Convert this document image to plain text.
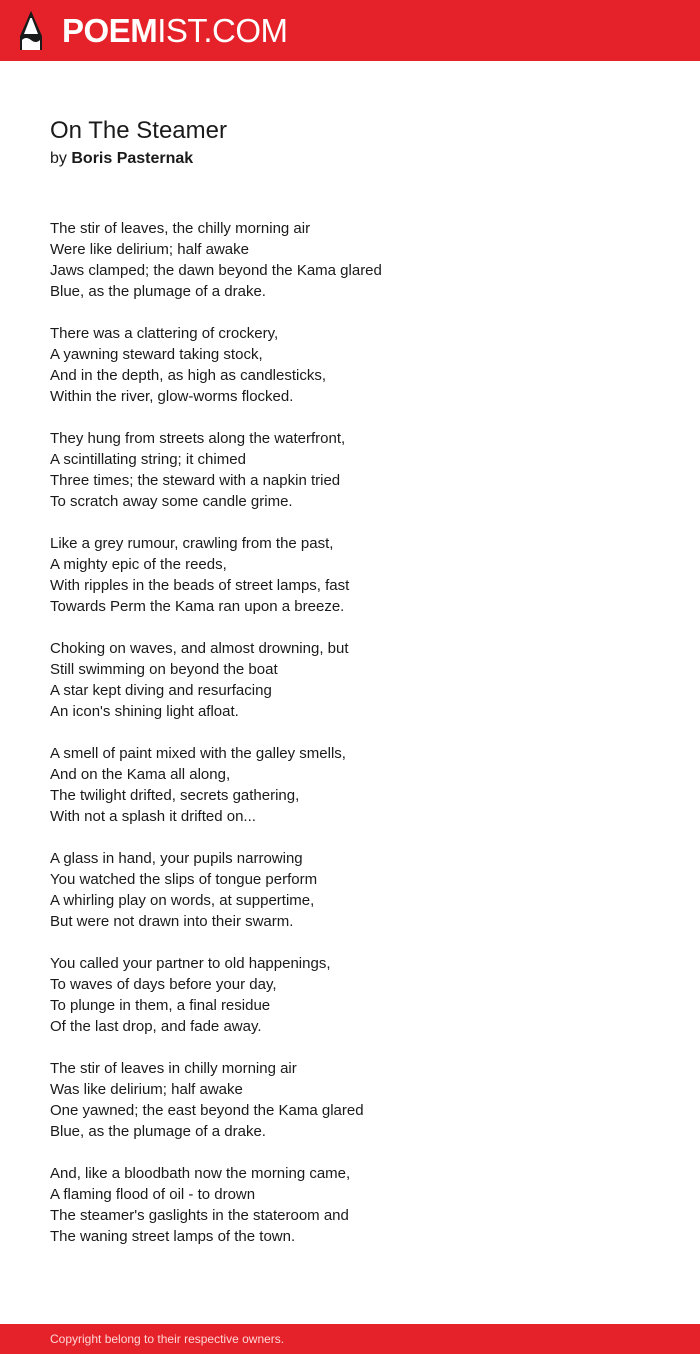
POEMIST.COM
On The Steamer
by Boris Pasternak
The stir of leaves, the chilly morning air
Were like delirium; half awake
Jaws clamped; the dawn beyond the Kama glared
Blue, as the plumage of a drake.
There was a clattering of crockery,
A yawning steward taking stock,
And in the depth, as high as candlesticks,
Within the river, glow-worms flocked.
They hung from streets along the waterfront,
A scintillating string; it chimed
Three times; the steward with a napkin tried
To scratch away some candle grime.
Like a grey rumour, crawling from the past,
A mighty epic of the reeds,
With ripples in the beads of street lamps, fast
Towards Perm the Kama ran upon a breeze.
Choking on waves, and almost drowning, but
Still swimming on beyond the boat
A star kept diving and resurfacing
An icon's shining light afloat.
A smell of paint mixed with the galley smells,
And on the Kama all along,
The twilight drifted, secrets gathering,
With not a splash it drifted on...
A glass in hand, your pupils narrowing
You watched the slips of tongue perform
A whirling play on words, at suppertime,
But were not drawn into their swarm.
You called your partner to old happenings,
To waves of days before your day,
To plunge in them, a final residue
Of the last drop, and fade away.
The stir of leaves in chilly morning air
Was like delirium; half awake
One yawned; the east beyond the Kama glared
Blue, as the plumage of a drake.
And, like a bloodbath now the morning came,
A flaming flood of oil - to drown
The steamer's gaslights in the stateroom and
The waning street lamps of the town.
Copyright belong to their respective owners.
